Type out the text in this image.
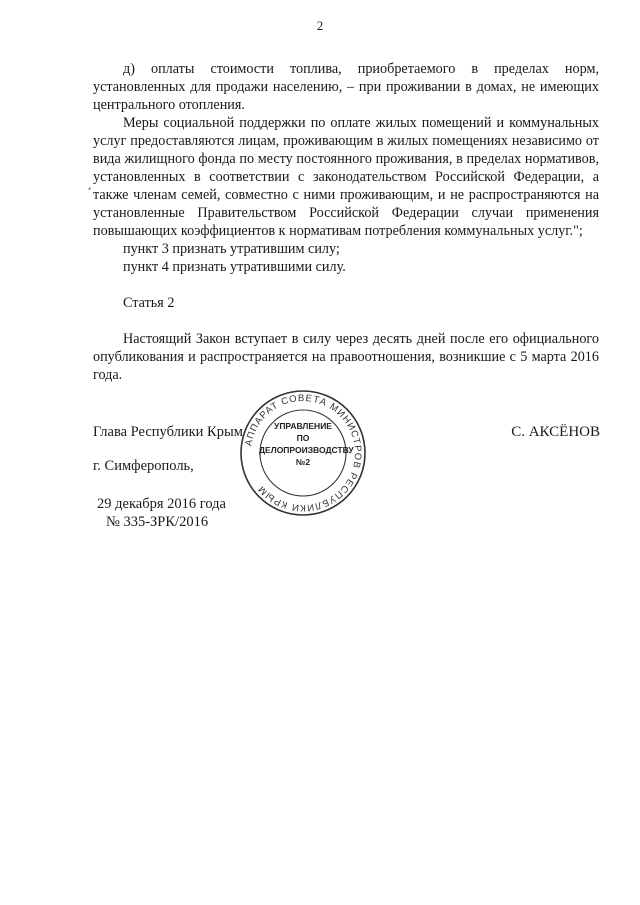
2

д) оплаты стоимости топлива, приобретаемого в пределах норм, установленных для продажи населению, – при проживании в домах, не имеющих центрального отопления.

Меры социальной поддержки по оплате жилых помещений и коммунальных услуг предоставляются лицам, проживающим в жилых помещениях независимо от вида жилищного фонда по месту постоянного проживания, в пределах нормативов, установленных в соответствии с законодательством Российской Федерации, а также членам семей, совместно с ними проживающим, и не распространяются на установленные Правительством Российской Федерации случаи применения повышающих коэффициентов к нормативам потребления коммунальных услуг.";

пункт 3 признать утратившим силу;

пункт 4 признать утратившими силу.

Статья 2

Настоящий Закон вступает в силу через десять дней после его официального опубликования и распространяется на правоотношения, возникшие с 5 марта 2016 года.

•
Глава Республики Крым	С. АКСЁНОВ
г. Симферополь,
29 декабря 2016 года
№ 335-ЗРК/2016
АППАРАТ СОВЕТА МИНИСТРОВ РЕСПУБЛИКИ КРЫМ
УПРАВЛЕНИЕ
ПО
ДЕЛОПРОИЗВОДСТВУ
№2
